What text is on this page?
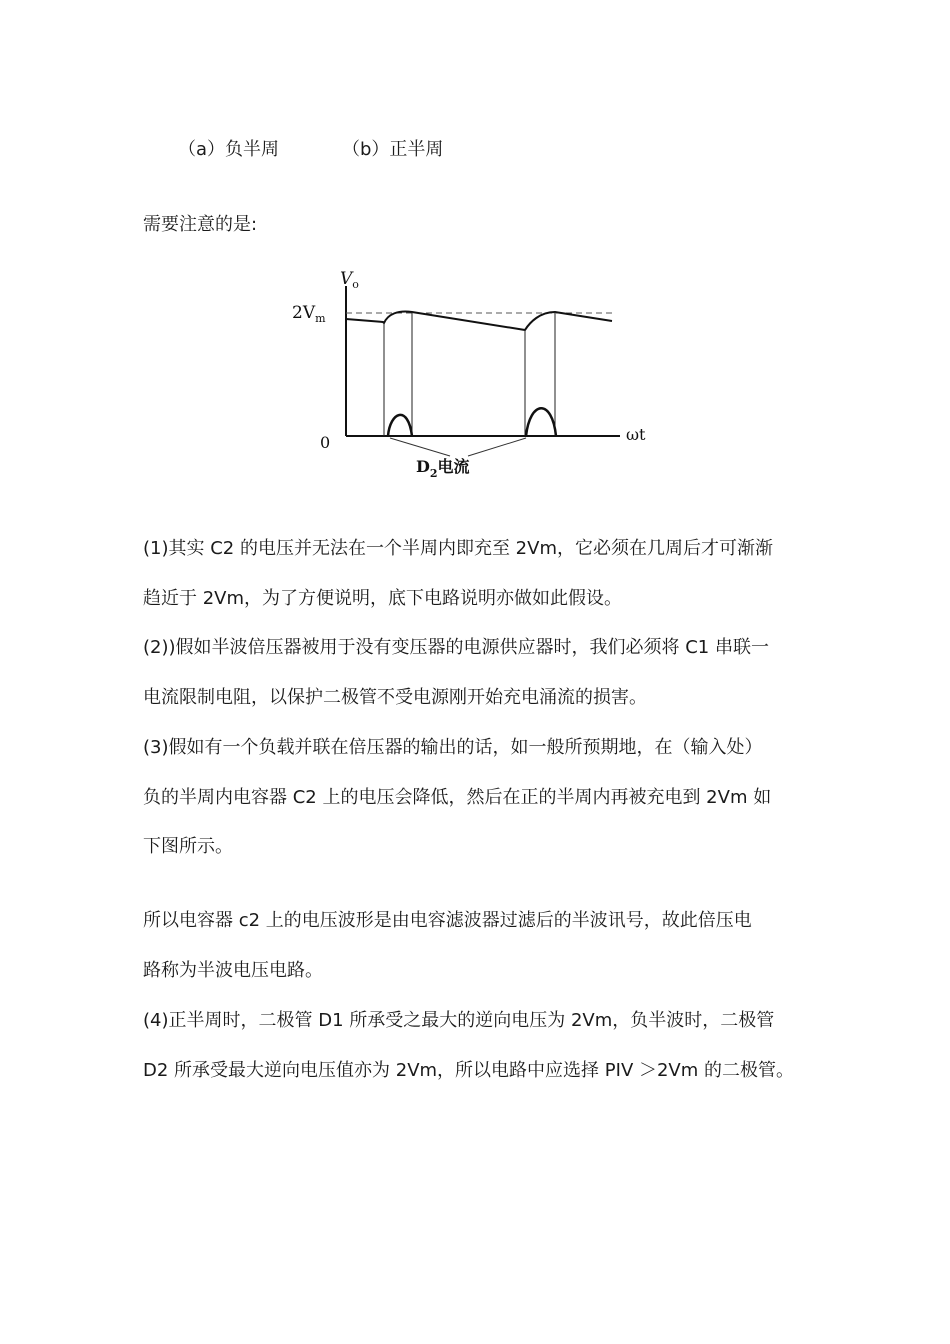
（a）负半周	（b）正半周
需要注意的是:
$V_o$
$2V_m$
0	ωt
$D_2$电流
(1)其实 C2 的电压并无法在一个半周内即充至 2Vm，它必须在几周后才可渐渐
趋近于 2Vm，为了方便说明，底下电路说明亦做如此假设。
(2))假如半波倍压器被用于没有变压器的电源供应器时，我们必须将 C1 串联一
电流限制电阻，以保护二极管不受电源刚开始充电涌流的损害。
(3)假如有一个负载并联在倍压器的输出的话，如一般所预期地，在（输入处）
负的半周内电容器 C2 上的电压会降低，然后在正的半周内再被充电到 2Vm 如
下图所示。
所以电容器 c2 上的电压波形是由电容滤波器过滤后的半波讯号，故此倍压电
路称为半波电压电路。
(4)正半周时，二极管 D1 所承受之最大的逆向电压为 2Vm，负半波时，二极管
D2 所承受最大逆向电压值亦为 2Vm，所以电路中应选择 PIV ＞2Vm 的二极管。
